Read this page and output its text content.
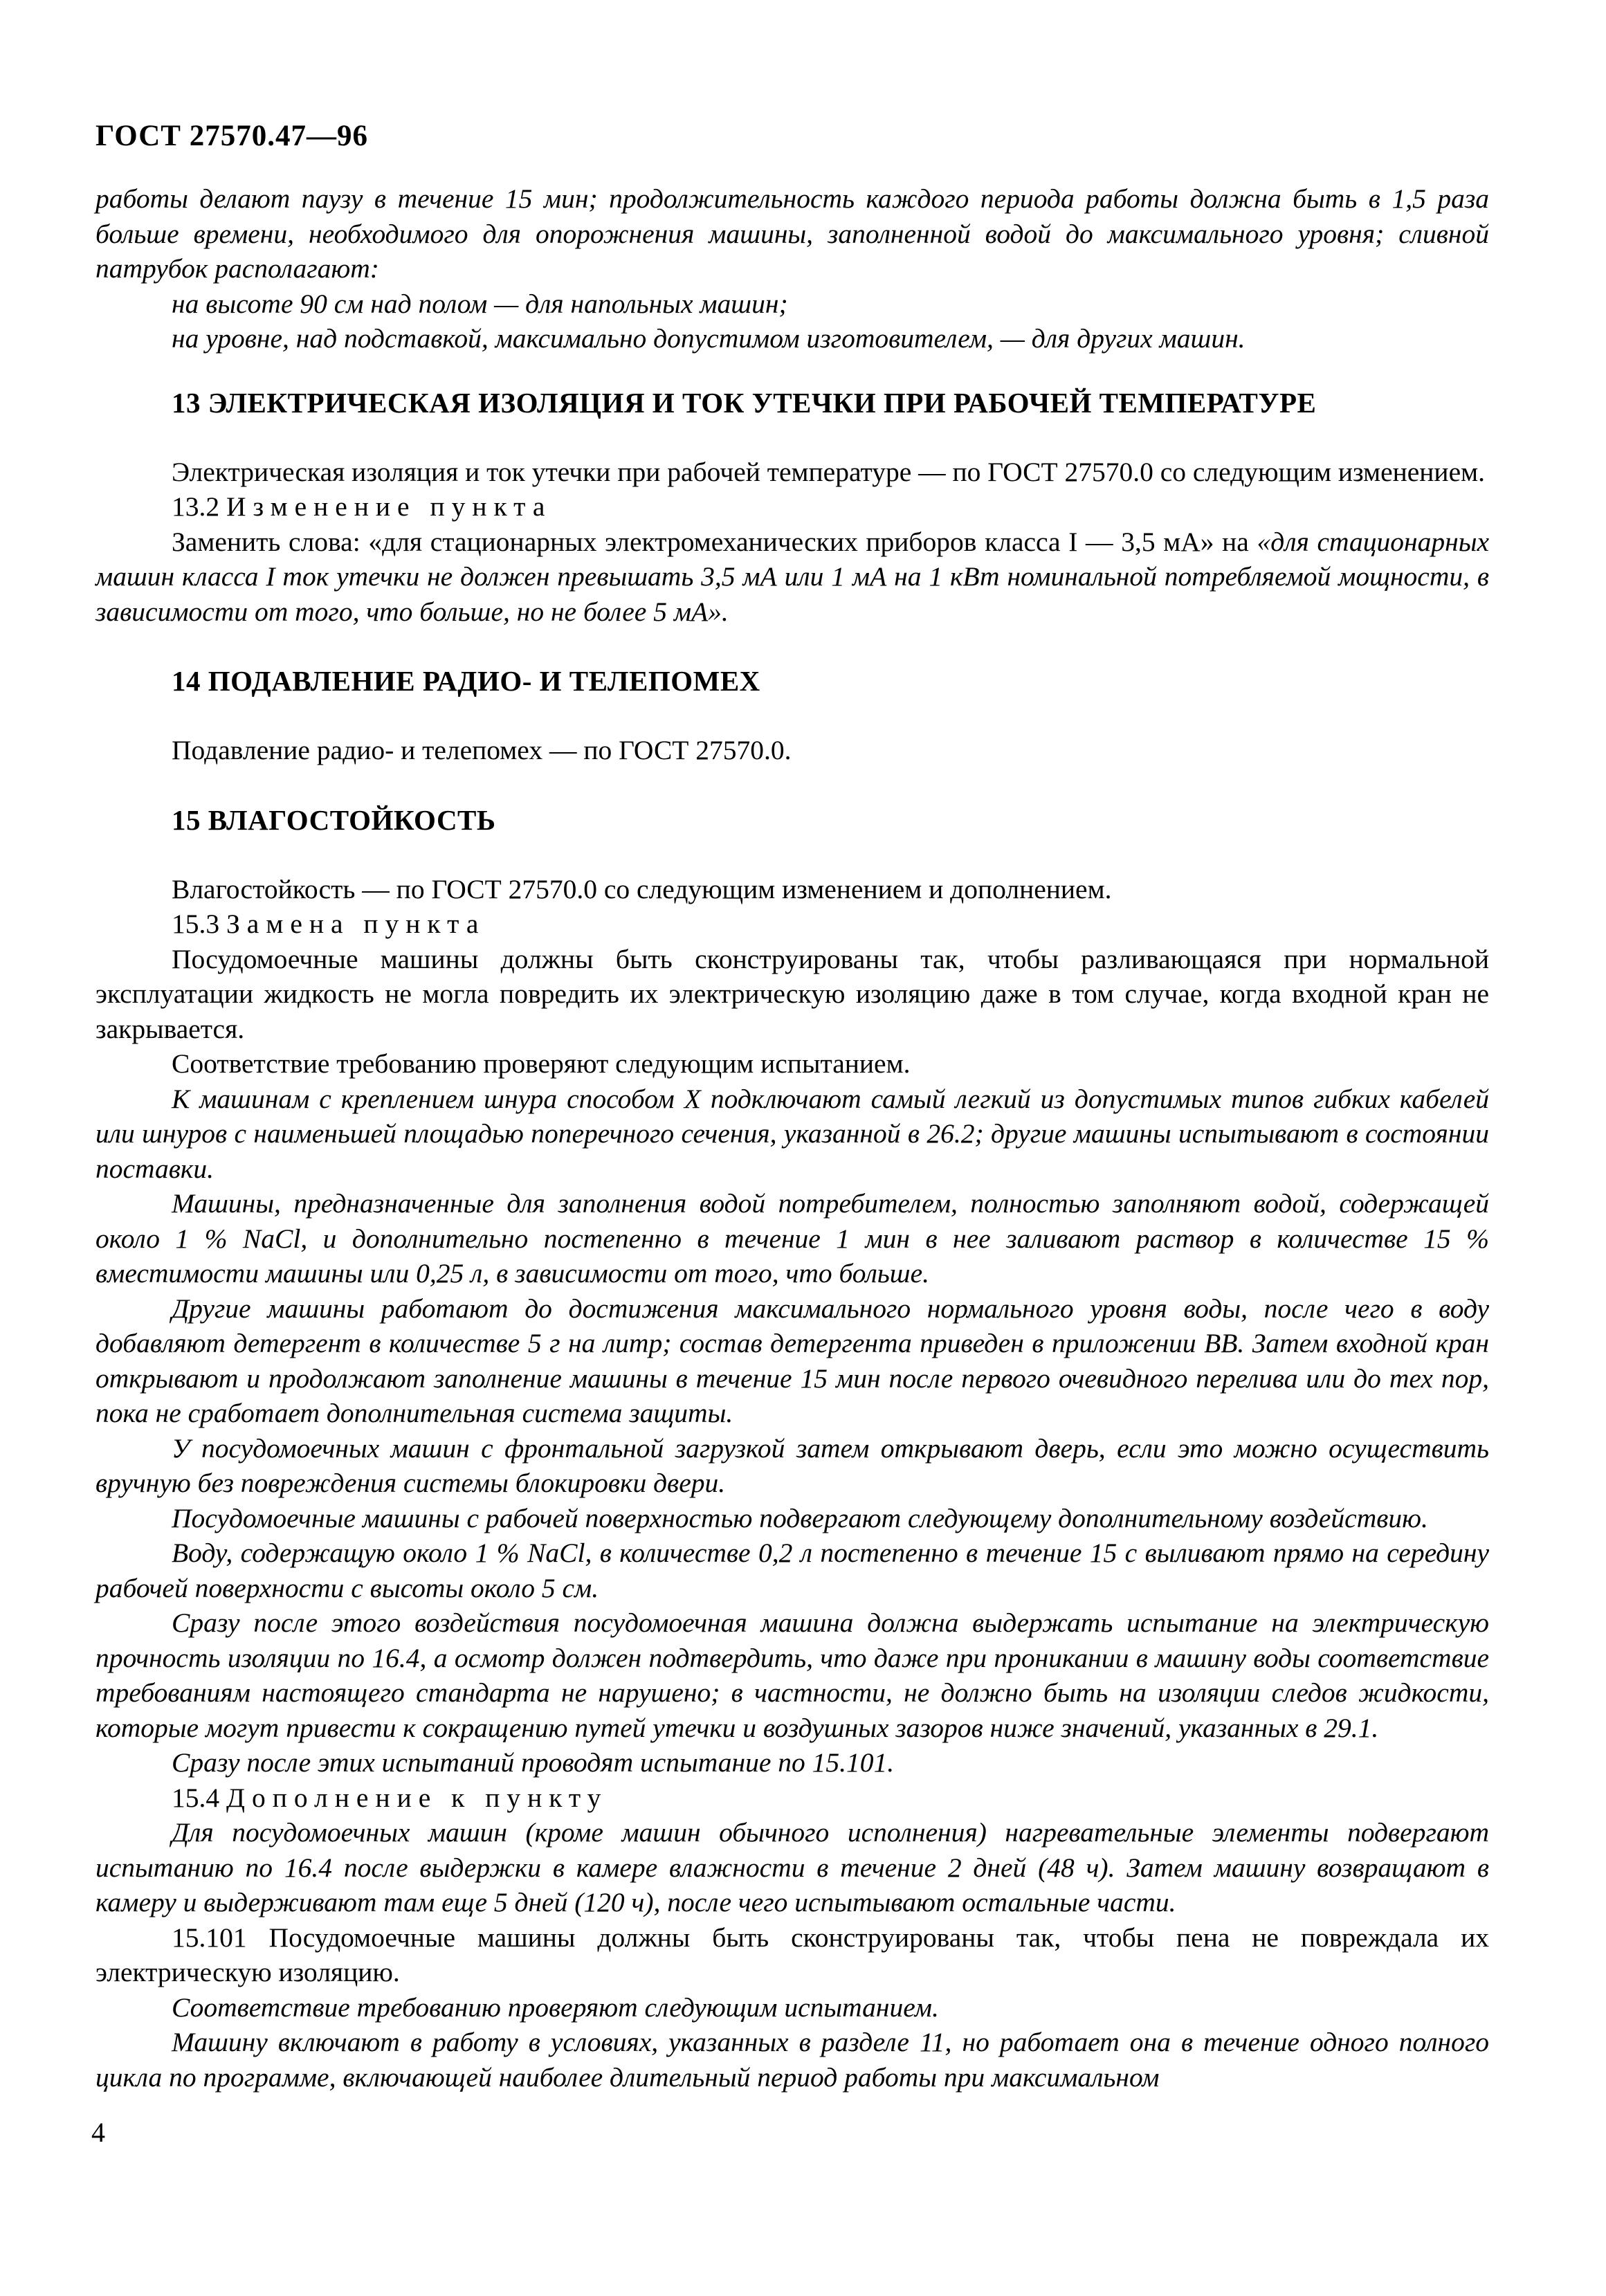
ГОСТ 27570.47—96

работы делают паузу в течение 15 мин; продолжительность каждого периода работы должна быть в 1,5 раза больше времени, необходимого для опорожнения машины, заполненной водой до максимального уровня; сливной патрубок располагают:

на высоте 90 см над полом — для напольных машин;

на уровне, над подставкой, максимально допустимом изготовителем, — для других машин.

13 ЭЛЕКТРИЧЕСКАЯ ИЗОЛЯЦИЯ И ТОК УТЕЧКИ ПРИ РАБОЧЕЙ ТЕМПЕРАТУРЕ

Электрическая изоляция и ток утечки при рабочей температуре — по ГОСТ 27570.0 со следующим изменением.

13.2 Изменение пункта

Заменить слова: «для стационарных электромеханических приборов класса I — 3,5 мА» на «для стационарных машин класса I ток утечки не должен превышать 3,5 мА или 1 мА на 1 кВт номинальной потребляемой мощности, в зависимости от того, что больше, но не более 5 мА».

14 ПОДАВЛЕНИЕ РАДИО- И ТЕЛЕПОМЕХ

Подавление радио- и телепомех — по ГОСТ 27570.0.

15 ВЛАГОСТОЙКОСТЬ

Влагостойкость — по ГОСТ 27570.0 со следующим изменением и дополнением.

15.3 Замена пункта

Посудомоечные машины должны быть сконструированы так, чтобы разливающаяся при нормальной эксплуатации жидкость не могла повредить их электрическую изоляцию даже в том случае, когда входной кран не закрывается.

Соответствие требованию проверяют следующим испытанием.

К машинам с креплением шнура способом X подключают самый легкий из допустимых типов гибких кабелей или шнуров с наименьшей площадью поперечного сечения, указанной в 26.2; другие машины испытывают в состоянии поставки.

Машины, предназначенные для заполнения водой потребителем, полностью заполняют водой, содержащей около 1 % NaCl, и дополнительно постепенно в течение 1 мин в нее заливают раствор в количестве 15 % вместимости машины или 0,25 л, в зависимости от того, что больше.

Другие машины работают до достижения максимального нормального уровня воды, после чего в воду добавляют детергент в количестве 5 г на литр; состав детергента приведен в приложении ВВ. Затем входной кран открывают и продолжают заполнение машины в течение 15 мин после первого очевидного перелива или до тех пор, пока не сработает дополнительная система защиты.

У посудомоечных машин с фронтальной загрузкой затем открывают дверь, если это можно осуществить вручную без повреждения системы блокировки двери.

Посудомоечные машины с рабочей поверхностью подвергают следующему дополнительному воздействию.

Воду, содержащую около 1 % NaCl, в количестве 0,2 л постепенно в течение 15 с выливают прямо на середину рабочей поверхности с высоты около 5 см.

Сразу после этого воздействия посудомоечная машина должна выдержать испытание на электрическую прочность изоляции по 16.4, а осмотр должен подтвердить, что даже при проникании в машину воды соответствие требованиям настоящего стандарта не нарушено; в частности, не должно быть на изоляции следов жидкости, которые могут привести к сокращению путей утечки и воздушных зазоров ниже значений, указанных в 29.1.

Сразу после этих испытаний проводят испытание по 15.101.

15.4 Дополнение к пункту

Для посудомоечных машин (кроме машин обычного исполнения) нагревательные элементы подвергают испытанию по 16.4 после выдержки в камере влажности в течение 2 дней (48 ч). Затем машину возвращают в камеру и выдерживают там еще 5 дней (120 ч), после чего испытывают остальные части.

15.101 Посудомоечные машины должны быть сконструированы так, чтобы пена не повреждала их электрическую изоляцию.

Соответствие требованию проверяют следующим испытанием.

Машину включают в работу в условиях, указанных в разделе 11, но работает она в течение одного полного цикла по программе, включающей наиболее длительный период работы при максимальном

4
